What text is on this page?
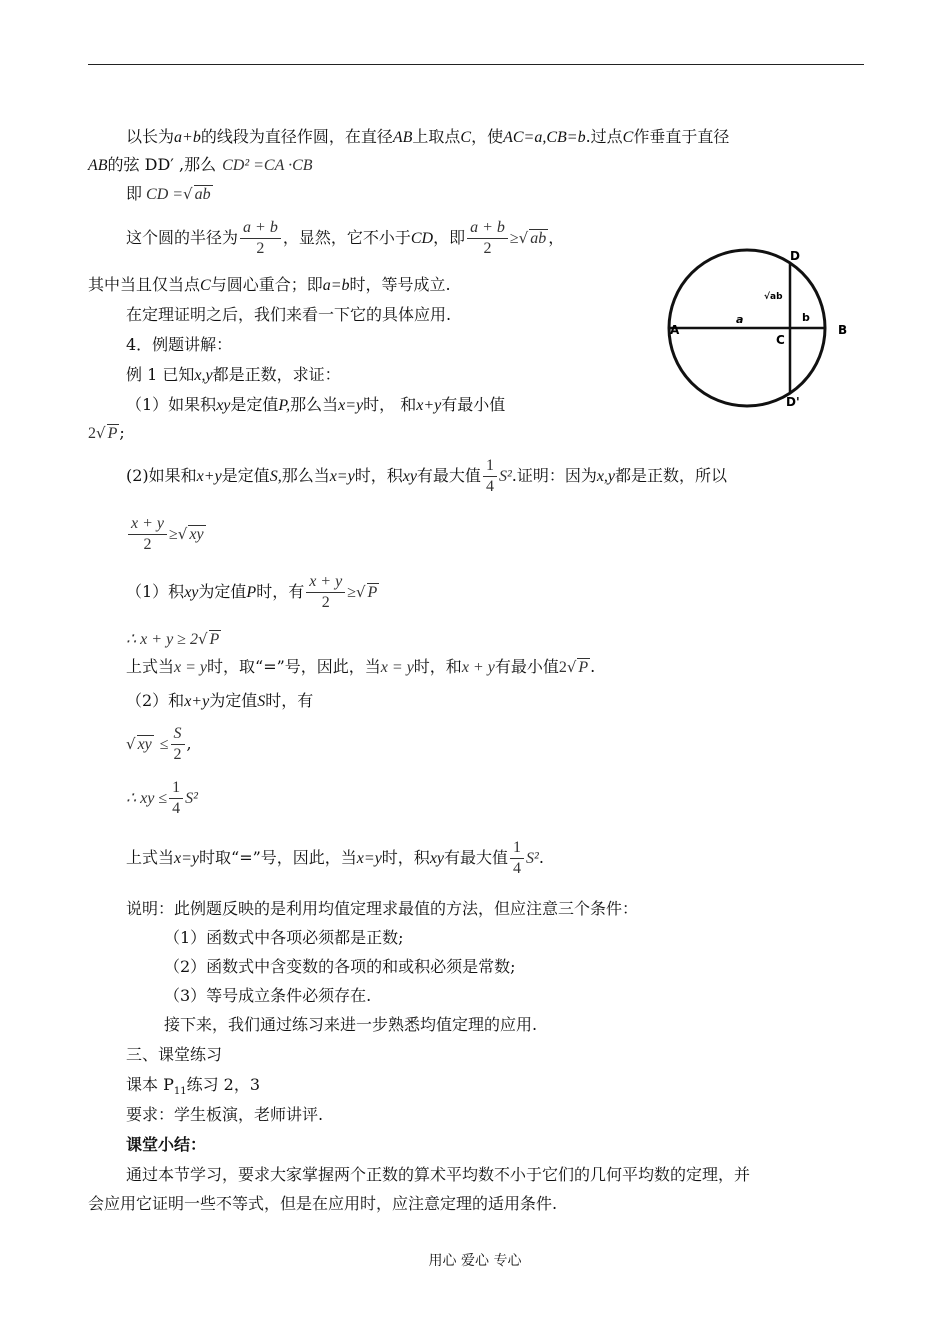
以长为a+b的线段为直径作圆，在直径AB上取点C，使AC=a,CB=b.过点C作垂直于直径
AB的弦 DD′ ,那么 CD² =CA ·CB
即 CD =√ ab
这个圆的半径为 $\frac{a + b}{2}$ ，显然，它不小于CD，即 $\frac{a + b}{2}$ ≥√ ab ，
其中当且仅当点C与圆心重合；即a=b时，等号成立.
在定理证明之后，我们来看一下它的具体应用.
4．例题讲解：
例 1 已知x,y都是正数，求证：
（1）如果积xy是定值P,那么当x=y时， 和x+y有最小值
2√ P ;
(2)如果和x+y是定值S,那么当x=y时，积xy有最大值 $\frac{1}{4} S^2$.证明：因为x,y都是正数，所以
$\frac{x + y}{2}$ ≥√ xy
（1）积xy为定值P时，有 $\frac{x + y}{2}$ ≥√ P
∴ x + y ≥ 2√ P
上式当x = y时，取“=”号，因此，当x = y时，和x + y有最小值2√ P .
（2）和x+y为定值S时，有
√ xy ≤ $\frac{S}{2}$ ,
∴ xy ≤ $\frac{1}{4} S^2$
上式当x=y时取“=”号，因此，当x=y时，积xy有最大值 $\frac{1}{4} S^2$.
说明：此例题反映的是利用均值定理求最值的方法，但应注意三个条件：
（1）函数式中各项必须都是正数;
（2）函数式中含变数的各项的和或积必须是常数;
（3）等号成立条件必须存在.
接下来，我们通过练习来进一步熟悉均值定理的应用.
三、课堂练习
课本 $P_{11}$练习 2，3
要求：学生板演，老师讲评.
课堂小结：
通过本节学习，要求大家掌握两个正数的算术平均数不小于它们的几何平均数的定理，并
会应用它证明一些不等式，但是在应用时，应注意定理的适用条件.
A	B
C
D
D'
a	b
√ab
用心 爱心 专心
